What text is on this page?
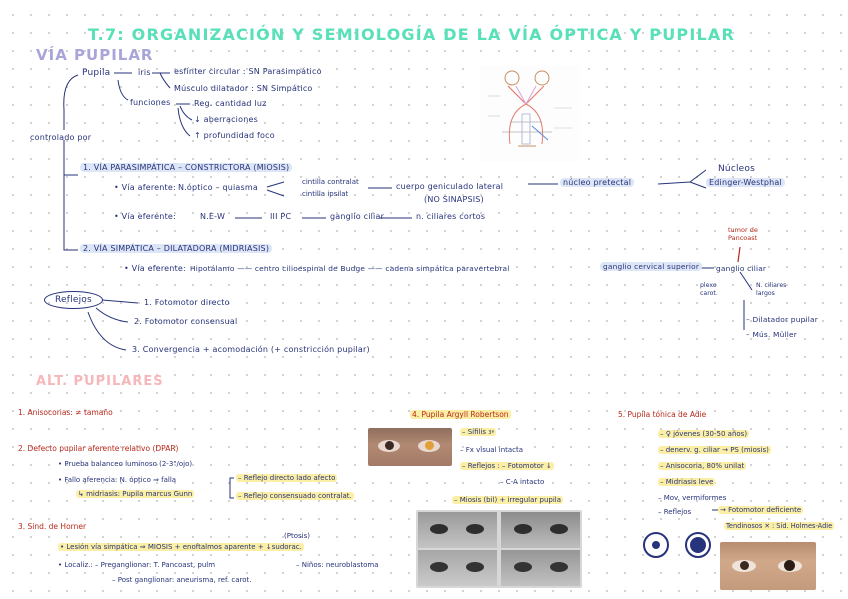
T.7: ORGANIZACIÓN Y SEMIOLOGÍA DE LA VÍA ÓPTICA Y PUPILAR
VÍA PUPILAR
Pupila	iris	esfínter circular : SN Parasimpático
Músculo dilatador : SN Simpático
funciones	Reg. cantidad luz
↓ aberraciones
↑ profundidad foco
controlado por
1. VÍA PARASIMPÁTICA – CONSTRICTORA (MIOSIS)
• Vía aferente: N.óptico – quiasma
cintilla contralat
cintilla ipsilat
cuerpo geniculado lateral
(NO SINAPSIS)
núcleo pretectal
Núcleos
Edinger-Westphal
• Vía eferente:	N.E-W	III PC	ganglio ciliar	n. ciliares cortos
2. VÍA SIMPÁTICA – DILATADORA (MIDRIASIS)
tumor de Pancoast
• Vía eferente: Hipotálamo —— centro cilioespinal de Budge —— cadena simpática paravertebral	ganglio cervical superior	ganglio ciliar
plexo carot.
N. ciliares largos
– Dilatador pupilar
– Mús. Müller
Reflejos	1. Fotomotor directo
2. Fotomotor consensual
3. Convergencia + acomodación (+ constricción pupilar)
ALT. PUPILARES
1. Anisocorias: ≠ tamaño
2. Defecto pupilar aferente relativo (DPAR)
• Prueba balanceo luminoso (2-3"/ojo)
• Fallo aferencia: N. óptico ⇒ falla	– Reflejo directo lado afecto
– Reflejo consensuado contralat.
↳ midriasis: Pupila marcus Gunn
3. Sind. de Horner
(Ptosis)
• Lesión vía simpática ⇒ MIOSIS + enoftalmos aparente + ↓sudorac.
• Localiz.: – Preganglionar: T. Pancoast, pulm	– Niños: neuroblastoma
– Post ganglionar: aneurisma, ref. carot.
4. Pupila Argyll Robertson
– Sífilis 3ª
– Fx visual intacta
– Reflejos : – Fotomotor ↓
– C-A intacto
– Miosis (bil) + irregular pupila
5. Pupila tónica de Adie
– ♀ jóvenes (30-50 años)
– denerv. g. ciliar → PS (miosis)
– Anisocoria, 80% unilat
– Midriasis leve
– Mov. vermiformes
– Reflejos	→ Fotomotor deficiente
Tendinosos ✕ : Síd. Holmes-Adie
